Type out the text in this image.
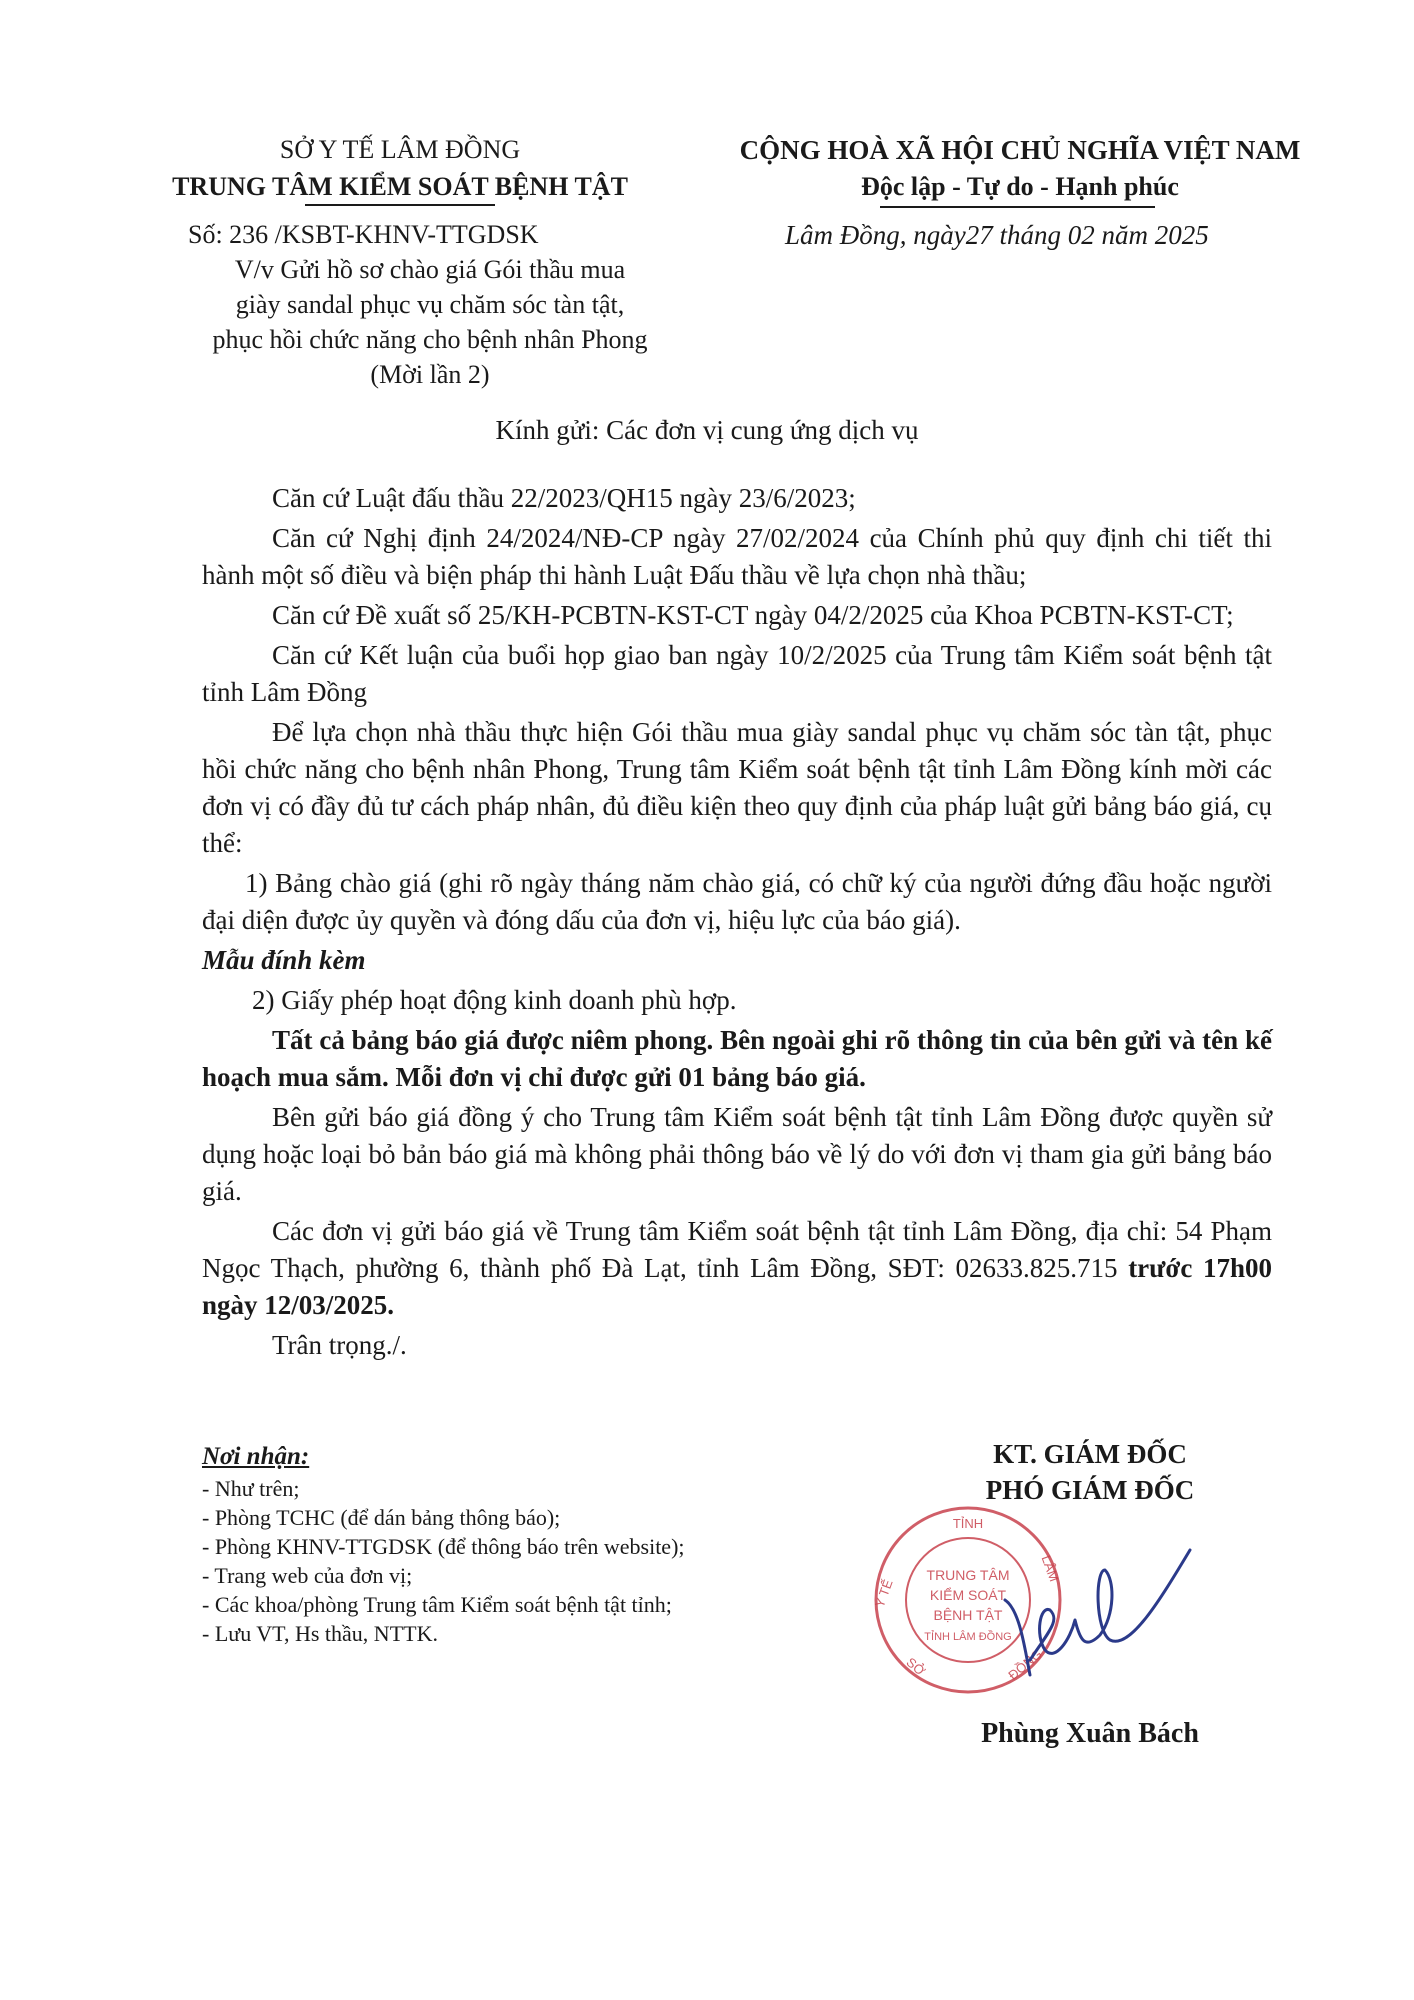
SỞ Y TẾ LÂM ĐỒNG
TRUNG TÂM KIỂM SOÁT BỆNH TẬT
CỘNG HOÀ XÃ HỘI CHỦ NGHĨA VIỆT NAM
Độc lập - Tự do - Hạnh phúc
Số: 236 /KSBT-KHNV-TTGDSK	Lâm Đồng, ngày27 tháng 02 năm 2025
V/v Gửi hồ sơ chào giá Gói thầu mua
giày sandal phục vụ chăm sóc tàn tật,
phục hồi chức năng cho bệnh nhân Phong
(Mời lần 2)
Kính gửi: Các đơn vị cung ứng dịch vụ

Căn cứ Luật đấu thầu 22/2023/QH15 ngày 23/6/2023;

Căn cứ Nghị định 24/2024/NĐ-CP ngày 27/02/2024 của Chính phủ quy định chi tiết thi hành một số điều và biện pháp thi hành Luật Đấu thầu về lựa chọn nhà thầu;

Căn cứ Đề xuất số 25/KH-PCBTN-KST-CT ngày 04/2/2025 của Khoa PCBTN-KST-CT;

Căn cứ Kết luận của buổi họp giao ban ngày 10/2/2025 của Trung tâm Kiểm soát bệnh tật tỉnh Lâm Đồng

Để lựa chọn nhà thầu thực hiện Gói thầu mua giày sandal phục vụ chăm sóc tàn tật, phục hồi chức năng cho bệnh nhân Phong, Trung tâm Kiểm soát bệnh tật tỉnh Lâm Đồng kính mời các đơn vị có đầy đủ tư cách pháp nhân, đủ điều kiện theo quy định của pháp luật gửi bảng báo giá, cụ thể:

1) Bảng chào giá (ghi rõ ngày tháng năm chào giá, có chữ ký của người đứng đầu hoặc người đại diện được ủy quyền và đóng dấu của đơn vị, hiệu lực của báo giá).

Mẫu đính kèm

2) Giấy phép hoạt động kinh doanh phù hợp.

Tất cả bảng báo giá được niêm phong. Bên ngoài ghi rõ thông tin của bên gửi và tên kế hoạch mua sắm. Mỗi đơn vị chỉ được gửi 01 bảng báo giá.

Bên gửi báo giá đồng ý cho Trung tâm Kiểm soát bệnh tật tỉnh Lâm Đồng được quyền sử dụng hoặc loại bỏ bản báo giá mà không phải thông báo về lý do với đơn vị tham gia gửi bảng báo giá.

Các đơn vị gửi báo giá về Trung tâm Kiểm soát bệnh tật tỉnh Lâm Đồng, địa chỉ: 54 Phạm Ngọc Thạch, phường 6, thành phố Đà Lạt, tỉnh Lâm Đồng, SĐT: 02633.825.715 trước 17h00 ngày 12/03/2025.

Trân trọng./.

Nơi nhận:
- Như trên;
- Phòng TCHC (để dán bảng thông báo);
- Phòng KHNV-TTGDSK (để thông báo trên website);
- Trang web của đơn vị;
- Các khoa/phòng Trung tâm Kiểm soát bệnh tật tỉnh;
- Lưu VT, Hs thầu, NTTK.
KT. GIÁM ĐỐC
PHÓ GIÁM ĐỐC
TỈNH
TRUNG TÂM
KIỂM SOÁT
BỆNH TẬT
TỈNH LÂM ĐỒNG
Y TẾ
LÂM
SỞ	ĐỒNG
Phùng Xuân Bách
